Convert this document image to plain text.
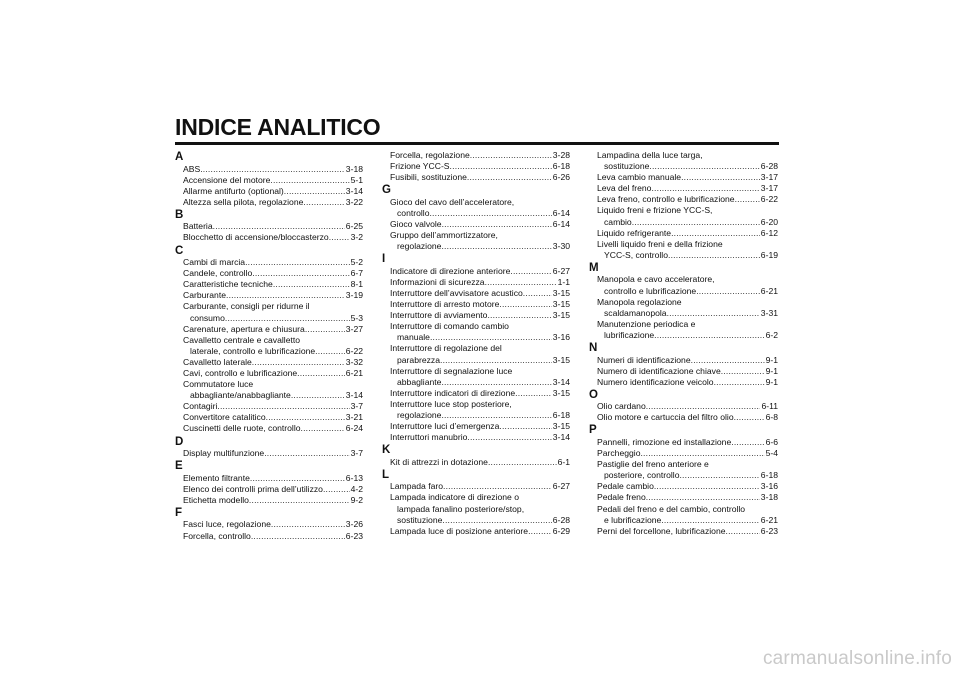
INDICE ANALITICO
A
ABS . . .	3-18
Accensione del motore . . .	5-1
Allarme antifurto (optional) . . .	3-14
Altezza sella pilota, regolazione . . .	3-22
B
Batteria . . .	6-25
Blocchetto di accensione/bloccasterzo . . .	3-2
C
Cambi di marcia . . .	5-2
Candele, controllo . . .	6-7
Caratteristiche tecniche . . .	8-1
Carburante . . .	3-19
Carburante, consigli per ridurne il
consumo . . .	5-3
Carenature, apertura e chiusura . . .	3-27
Cavalletto centrale e cavalletto
laterale, controllo e lubrificazione . . .	6-22
Cavalletto laterale . . .	3-32
Cavi, controllo e lubrificazione . . .	6-21
Commutatore luce
abbagliante/anabbagliante . . .	3-14
Contagiri . . .	3-7
Convertitore catalitico . . .	3-21
Cuscinetti delle ruote, controllo . . .	6-24
D
Display multifunzione . . .	3-7
E
Elemento filtrante . . .	6-13
Elenco dei controlli prima dell’utilizzo . . .	4-2
Etichetta modello . . .	9-2
F
Fasci luce, regolazione . . .	3-26
Forcella, controllo . . .	6-23
Forcella, regolazione . . .	3-28
Frizione YCC-S . . .	6-18
Fusibili, sostituzione . . .	6-26
G
Gioco del cavo dell’acceleratore,
controllo . . .	6-14
Gioco valvole . . .	6-14
Gruppo dell’ammortizzatore,
regolazione . . .	3-30
I
Indicatore di direzione anteriore . . .	6-27
Informazioni di sicurezza . . .	1-1
Interruttore dell’avvisatore acustico . . .	3-15
Interruttore di arresto motore . . .	3-15
Interruttore di avviamento . . .	3-15
Interruttore di comando cambio
manuale . . .	3-16
Interruttore di regolazione del
parabrezza . . .	3-15
Interruttore di segnalazione luce
abbagliante . . .	3-14
Interruttore indicatori di direzione . . .	3-15
Interruttore luce stop posteriore,
regolazione . . .	6-18
Interruttore luci d’emergenza . . .	3-15
Interruttori manubrio . . .	3-14
K
Kit di attrezzi in dotazione . . .	6-1
L
Lampada faro . . .	6-27
Lampada indicatore di direzione o
lampada fanalino posteriore/stop,
sostituzione . . .	6-28
Lampada luce di posizione anteriore . . .	6-29
Lampadina della luce targa,
sostituzione . . .	6-28
Leva cambio manuale . . .	3-17
Leva del freno . . .	3-17
Leva freno, controllo e lubrificazione . . .	6-22
Liquido freni e frizione YCC-S,
cambio . . .	6-20
Liquido refrigerante . . .	6-12
Livelli liquido freni e della frizione
YCC-S, controllo . . .	6-19
M
Manopola e cavo acceleratore,
controllo e lubrificazione . . .	6-21
Manopola regolazione
scaldamanopola . . .	3-31
Manutenzione periodica e
lubrificazione . . .	6-2
N
Numeri di identificazione . . .	9-1
Numero di identificazione chiave . . .	9-1
Numero identificazione veicolo . . .	9-1
O
Olio cardano . . .	6-11
Olio motore e cartuccia del filtro olio . . .	6-8
P
Pannelli, rimozione ed installazione . . .	6-6
Parcheggio . . .	5-4
Pastiglie del freno anteriore e
posteriore, controllo . . .	6-18
Pedale cambio . . .	3-16
Pedale freno . . .	3-18
Pedali del freno e del cambio, controllo
e lubrificazione . . .	6-21
Perni del forcellone, lubrificazione . . .	6-23
carmanualsonline.info
